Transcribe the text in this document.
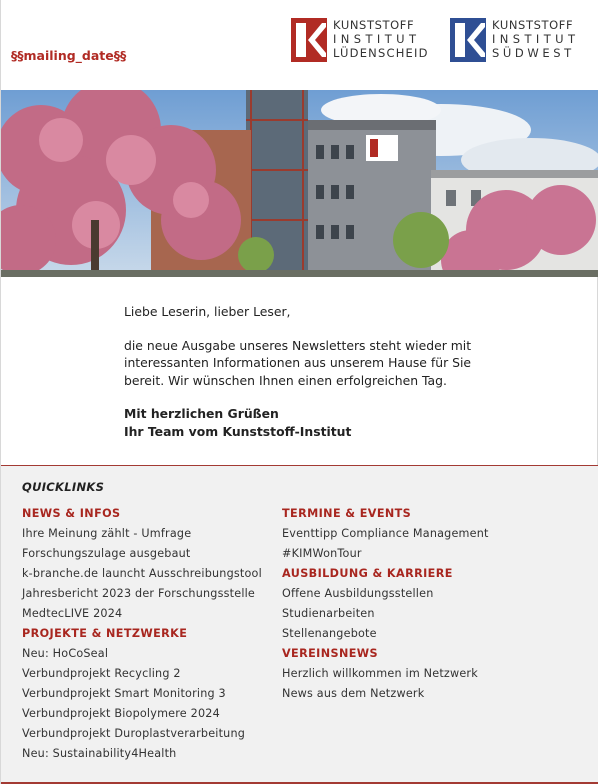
§§mailing_date§§
KUNSTSTOFF
INSTITUT
LÜDENSCHEID
KUNSTSTOFF
INSTITUT
SÜDWEST

Liebe Leserin, lieber Leser,

die neue Ausgabe unseres Newsletters steht wieder mit interessanten Informationen aus unserem Hause für Sie bereit. Wir wünschen Ihnen einen erfolgreichen Tag.

Mit herzlichen Grüßen
Ihr Team vom Kunststoff-Institut
QUICKLINKS
NEWS & INFOS
Ihre Meinung zählt - Umfrage
Forschungszulage ausgebaut
k-branche.de launcht Ausschreibungstool
Jahresbericht 2023 der Forschungsstelle
MedtecLIVE 2024
PROJEKTE & NETZWERKE
Neu: HoCoSeal
Verbundprojekt Recycling 2
Verbundprojekt Smart Monitoring 3
Verbundprojekt Biopolymere 2024
Verbundprojekt Duroplastverarbeitung
Neu: Sustainability4Health
TERMINE & EVENTS
Eventtipp Compliance Management
#KIMWonTour
AUSBILDUNG & KARRIERE
Offene Ausbildungsstellen
Studienarbeiten
Stellenangebote
VEREINSNEWS
Herzlich willkommen im Netzwerk
News aus dem Netzwerk
